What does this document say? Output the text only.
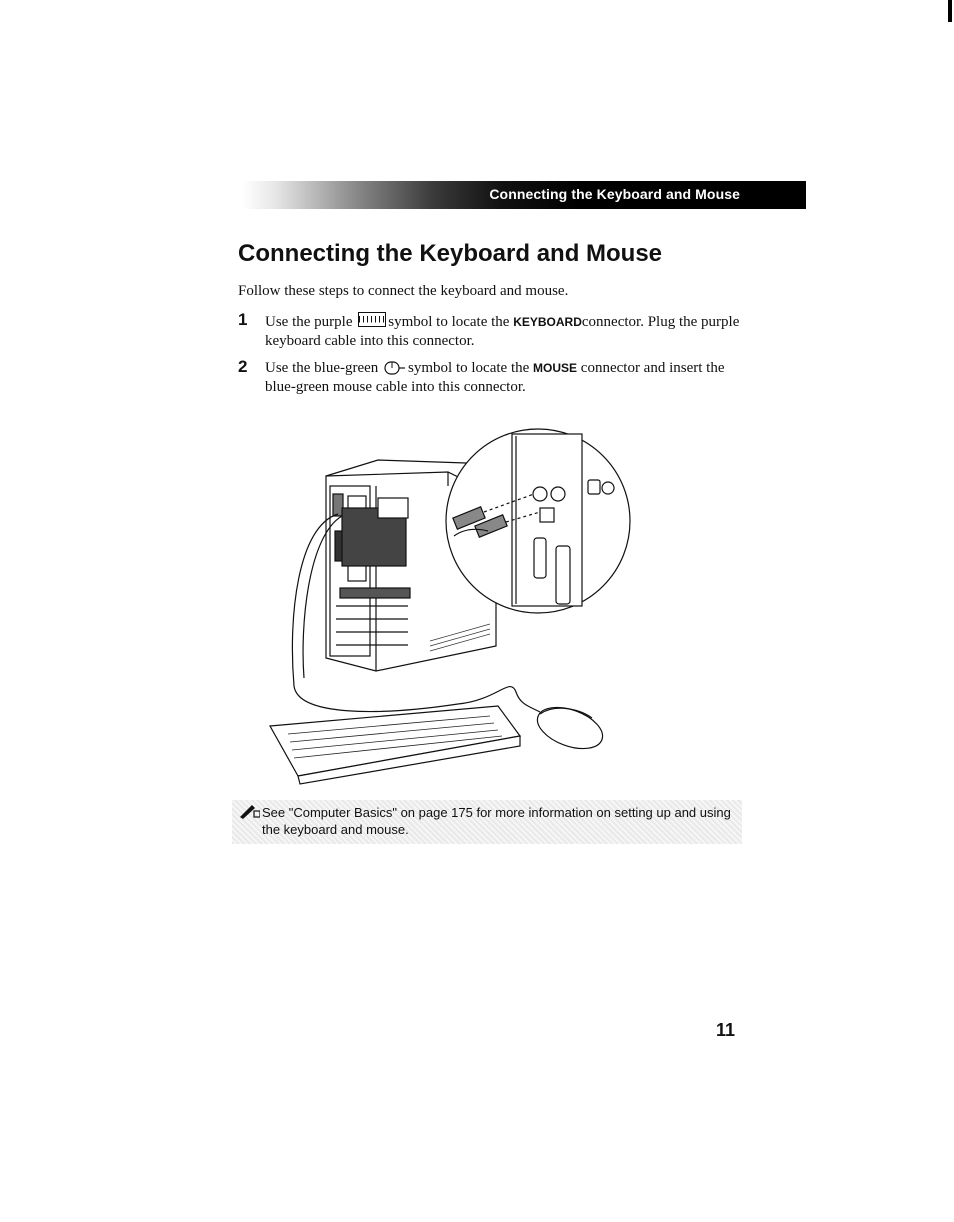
Connecting the Keyboard and Mouse
Connecting the Keyboard and Mouse
Follow these steps to connect the keyboard and mouse.
1 Use the purple symbol to locate the KEYBOARDconnector. Plug the purple keyboard cable into this connector.
2 Use the blue-green symbol to locate the MOUSE connector and insert the blue-green mouse cable into this connector.
See "Computer Basics" on page 175 for more information on setting up and using the keyboard and mouse.
11
